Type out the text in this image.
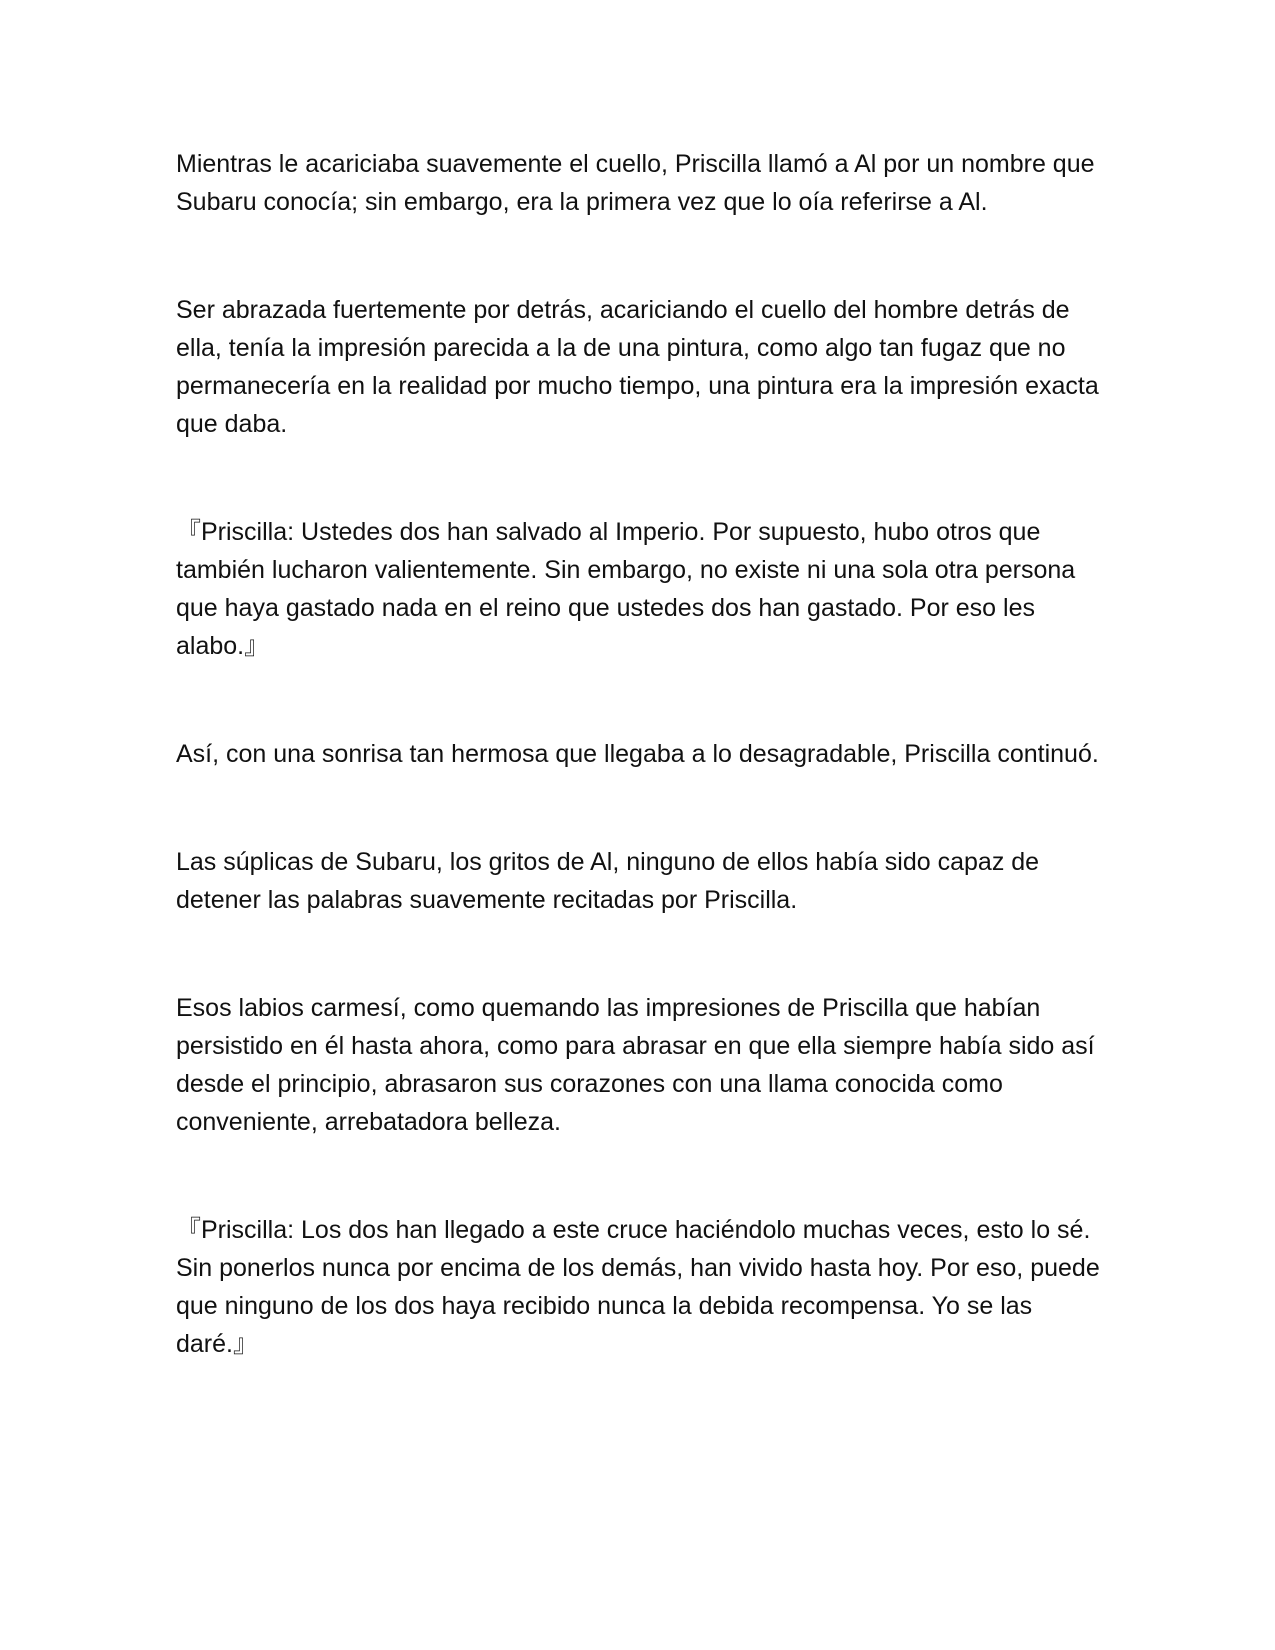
Mientras le acariciaba suavemente el cuello, Priscilla llamó a Al por un nombre que Subaru conocía; sin embargo, era la primera vez que lo oía referirse a Al.

Ser abrazada fuertemente por detrás, acariciando el cuello del hombre detrás de ella, tenía la impresión parecida a la de una pintura, como algo tan fugaz que no permanecería en la realidad por mucho tiempo, una pintura era la impresión exacta que daba.

『Priscilla: Ustedes dos han salvado al Imperio. Por supuesto, hubo otros que también lucharon valientemente. Sin embargo, no existe ni una sola otra persona que haya gastado nada en el reino que ustedes dos han gastado. Por eso les alabo.』

Así, con una sonrisa tan hermosa que llegaba a lo desagradable, Priscilla continuó.

Las súplicas de Subaru, los gritos de Al, ninguno de ellos había sido capaz de detener las palabras suavemente recitadas por Priscilla.

Esos labios carmesí, como quemando las impresiones de Priscilla que habían persistido en él hasta ahora, como para abrasar en que ella siempre había sido así desde el principio, abrasaron sus corazones con una llama conocida como conveniente, arrebatadora belleza.

『Priscilla: Los dos han llegado a este cruce haciéndolo muchas veces, esto lo sé. Sin ponerlos nunca por encima de los demás, han vivido hasta hoy. Por eso, puede que ninguno de los dos haya recibido nunca la debida recompensa. Yo se las daré.』
